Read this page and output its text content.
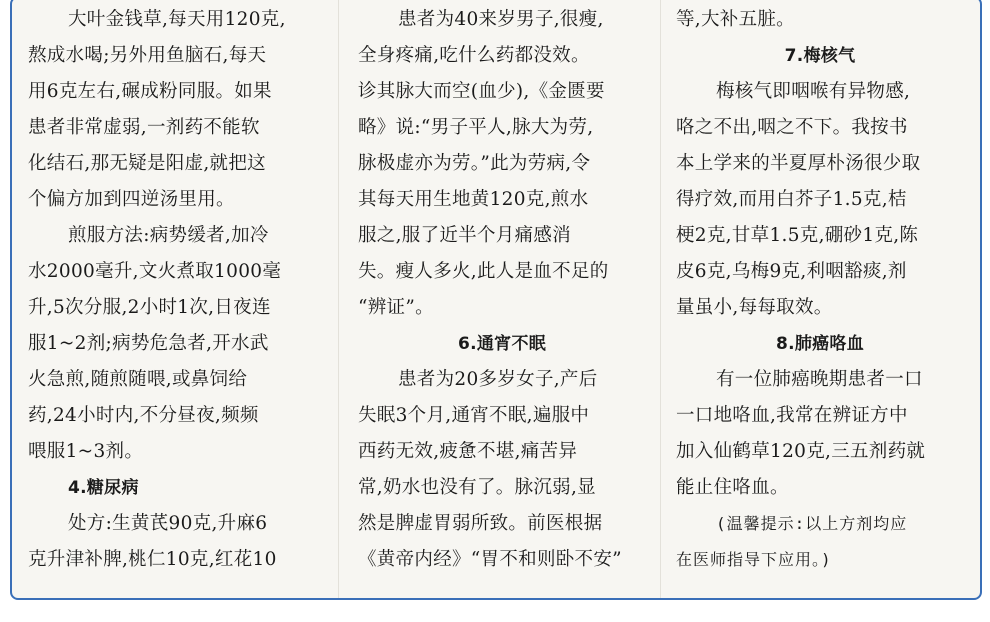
大叶金钱草,每天用120克,
熬成水喝;另外用鱼脑石,每天
用6克左右,碾成粉同服。如果
患者非常虚弱,一剂药不能软
化结石,那无疑是阳虚,就把这
个偏方加到四逆汤里用。
煎服方法:病势缓者,加冷
水2000毫升,文火煮取1000毫
升,5次分服,2小时1次,日夜连
服1~2剂;病势危急者,开水武
火急煎,随煎随喂,或鼻饲给
药,24小时内,不分昼夜,频频
喂服1~3剂。
4.糖尿病
处方:生黄芪90克,升麻6
克升津补脾,桃仁10克,红花10
患者为40来岁男子,很瘦,
全身疼痛,吃什么药都没效。
诊其脉大而空(血少),《金匮要
略》说:“男子平人,脉大为劳,
脉极虚亦为劳。”此为劳病,令
其每天用生地黄120克,煎水
服之,服了近半个月痛感消
失。瘦人多火,此人是血不足的
“辨证”。
6.通宵不眠
患者为20多岁女子,产后
失眠3个月,通宵不眠,遍服中
西药无效,疲惫不堪,痛苦异
常,奶水也没有了。脉沉弱,显
然是脾虚胃弱所致。前医根据
《黄帝内经》“胃不和则卧不安”
等,大补五脏。
7.梅核气
梅核气即咽喉有异物感,
咯之不出,咽之不下。我按书
本上学来的半夏厚朴汤很少取
得疗效,而用白芥子1.5克,桔
梗2克,甘草1.5克,硼砂1克,陈
皮6克,乌梅9克,利咽豁痰,剂
量虽小,每每取效。
8.肺癌咯血
有一位肺癌晚期患者一口
一口地咯血,我常在辨证方中
加入仙鹤草120克,三五剂药就
能止住咯血。
(温馨提示:以上方剂均应
在医师指导下应用。)
